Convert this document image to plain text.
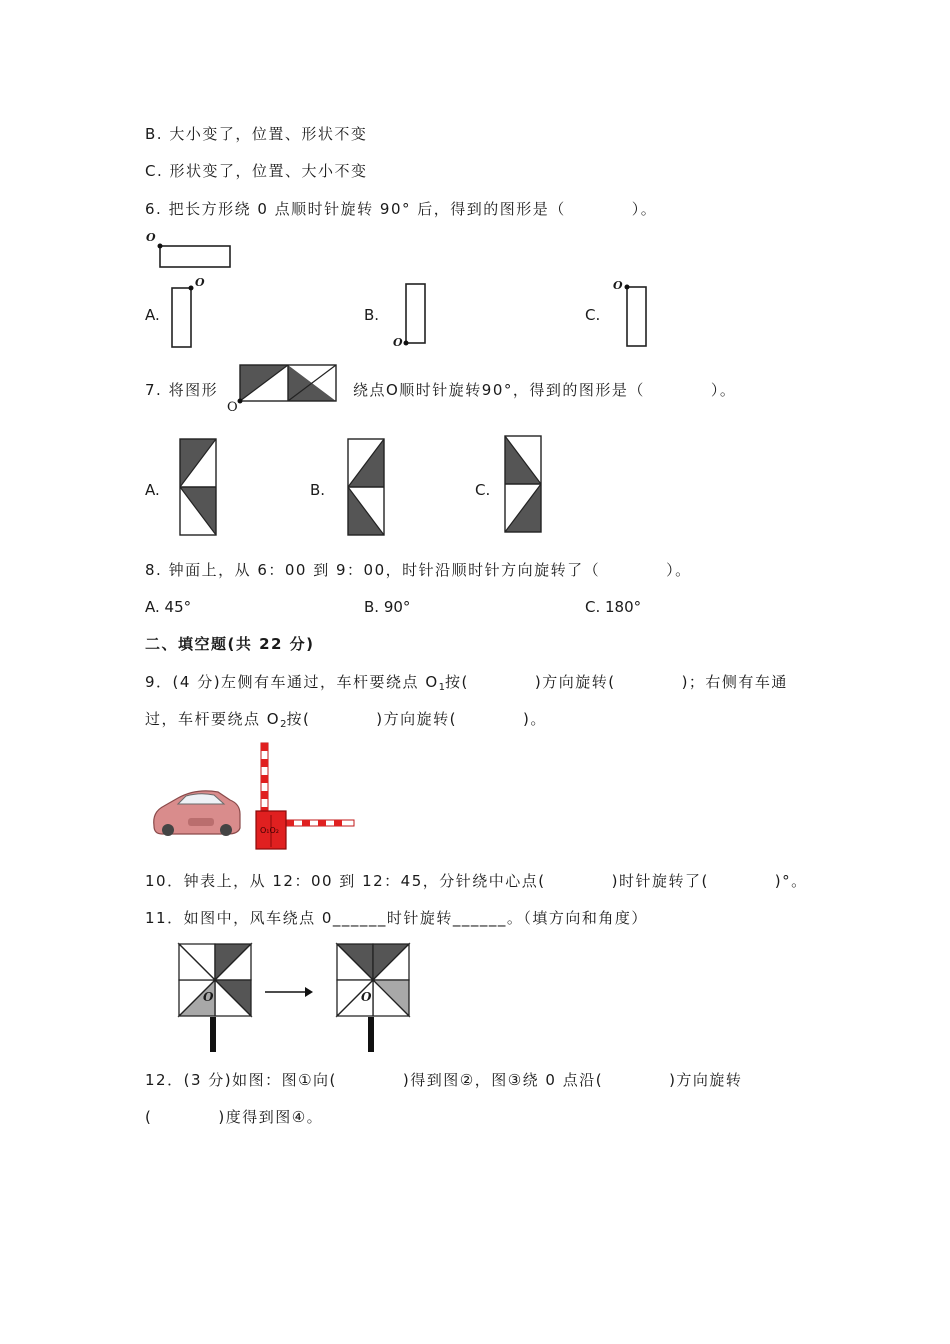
B. 大小变了，位置、形状不变
C. 形状变了，位置、大小不变
6. 把长方形绕 0 点顺时针旋转 90° 后，得到的图形是（　　　　）。
O
A.
O
B.
O
C.
O
7. 将图形
O
绕点O顺时针旋转90°，得到的图形是（　　　　）。
A.	B.	C.
8. 钟面上，从 6：00 到 9：00，时针沿顺时针方向旋转了（　　　　）。
A. 45°	B. 90°	C. 180°
二、填空题(共 22 分)
9．(4 分)左侧有车通过，车杆要绕点 $O_1$按(　　　　)方向旋转(　　　　)；右侧有车通
过，车杆要绕点 $O_2$按(　　　　)方向旋转(　　　　)。
O₁O₂
10．钟表上，从 12：00 到 12：45，分针绕中心点(　　　　)时针旋转了(　　　　)°。
11．如图中，风车绕点 0______时针旋转______。（填方向和角度）
O	O
12．(3 分)如图：图①向(　　　　)得到图②，图③绕 0 点沿(　　　　)方向旋转
(　　　　)度得到图④。
